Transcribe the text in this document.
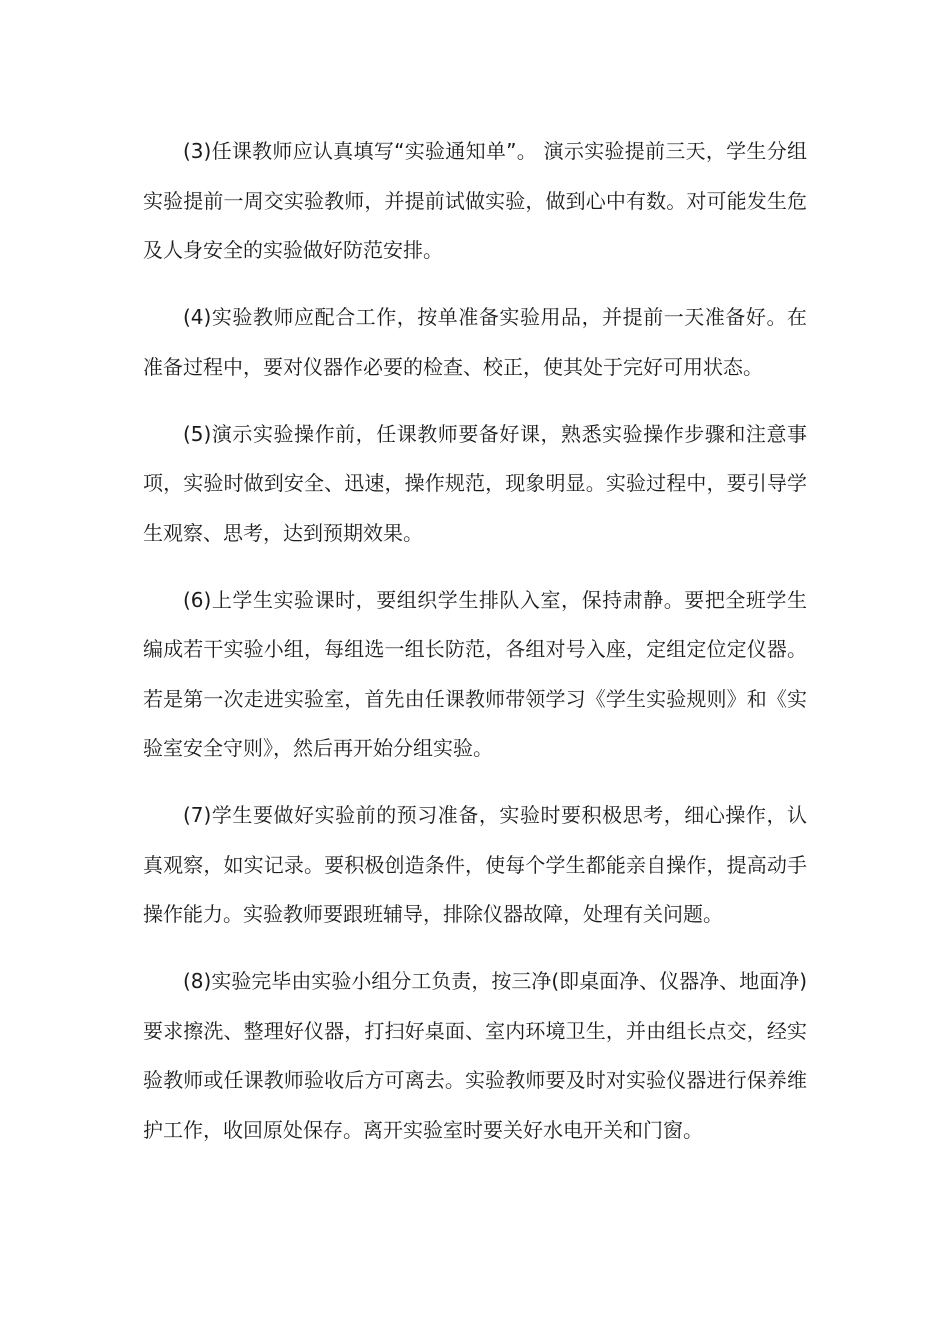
(3)任课教师应认真填写“实验通知单”。 演示实验提前三天，学生分组实验提前一周交实验教师，并提前试做实验，做到心中有数。对可能发生危及人身安全的实验做好防范安排。

(4)实验教师应配合工作，按单准备实验用品，并提前一天准备好。在准备过程中，要对仪器作必要的检查、校正，使其处于完好可用状态。

(5)演示实验操作前，任课教师要备好课，熟悉实验操作步骤和注意事项，实验时做到安全、迅速，操作规范，现象明显。实验过程中，要引导学生观察、思考，达到预期效果。

(6)上学生实验课时，要组织学生排队入室，保持肃静。要把全班学生编成若干实验小组，每组选一组长防范，各组对号入座，定组定位定仪器。若是第一次走进实验室，首先由任课教师带领学习《学生实验规则》和《实验室安全守则》，然后再开始分组实验。

(7)学生要做好实验前的预习准备，实验时要积极思考，细心操作，认真观察，如实记录。要积极创造条件，使每个学生都能亲自操作，提高动手操作能力。实验教师要跟班辅导，排除仪器故障，处理有关问题。

(8)实验完毕由实验小组分工负责，按三净(即桌面净、仪器净、地面净)要求擦洗、整理好仪器，打扫好桌面、室内环境卫生，并由组长点交，经实验教师或任课教师验收后方可离去。实验教师要及时对实验仪器进行保养维护工作，收回原处保存。离开实验室时要关好水电开关和门窗。
